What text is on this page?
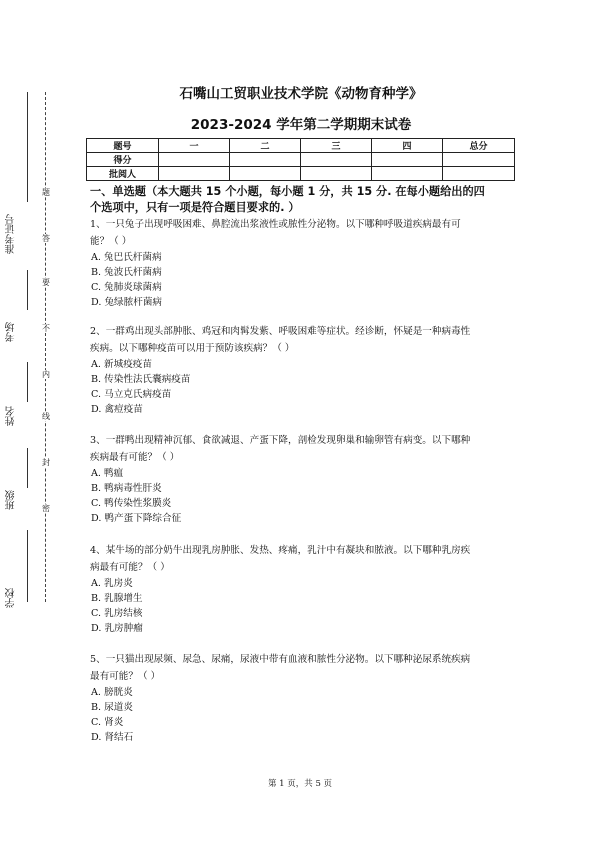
准考证号
考场
姓名
班级
学校
题
答
要
不
内
线
封
密
石嘴山工贸职业技术学院《动物育种学》
2023-2024 学年第二学期期末试卷
题号	一	二	三	四	总分
得分					
批阅人					
一、单选题（本大题共 15 个小题，每小题 1 分，共 15 分. 在每小题给出的四
个选项中，只有一项是符合题目要求的. ）
1、一只兔子出现呼吸困难、鼻腔流出浆液性或脓性分泌物。以下哪种呼吸道疾病最有可
能？（ ）
A. 兔巴氏杆菌病
B. 兔波氏杆菌病
C. 兔肺炎球菌病
D. 兔绿脓杆菌病
2、一群鸡出现头部肿胀、鸡冠和肉髯发紫、呼吸困难等症状。经诊断，怀疑是一种病毒性
疾病。以下哪种疫苗可以用于预防该疾病？（ ）
A. 新城疫疫苗
B. 传染性法氏囊病疫苗
C. 马立克氏病疫苗
D. 禽痘疫苗
3、一群鸭出现精神沉郁、食欲减退、产蛋下降，剖检发现卵巢和输卵管有病变。以下哪种
疾病最有可能？（ ）
A. 鸭瘟
B. 鸭病毒性肝炎
C. 鸭传染性浆膜炎
D. 鸭产蛋下降综合征
4、某牛场的部分奶牛出现乳房肿胀、发热、疼痛，乳汁中有凝块和脓液。以下哪种乳房疾
病最有可能？（ ）
A. 乳房炎
B. 乳腺增生
C. 乳房结核
D. 乳房肿瘤
5、一只猫出现尿频、尿急、尿痛，尿液中带有血液和脓性分泌物。以下哪种泌尿系统疾病
最有可能？（ ）
A. 膀胱炎
B. 尿道炎
C. 肾炎
D. 肾结石
第 1 页，共 5 页
